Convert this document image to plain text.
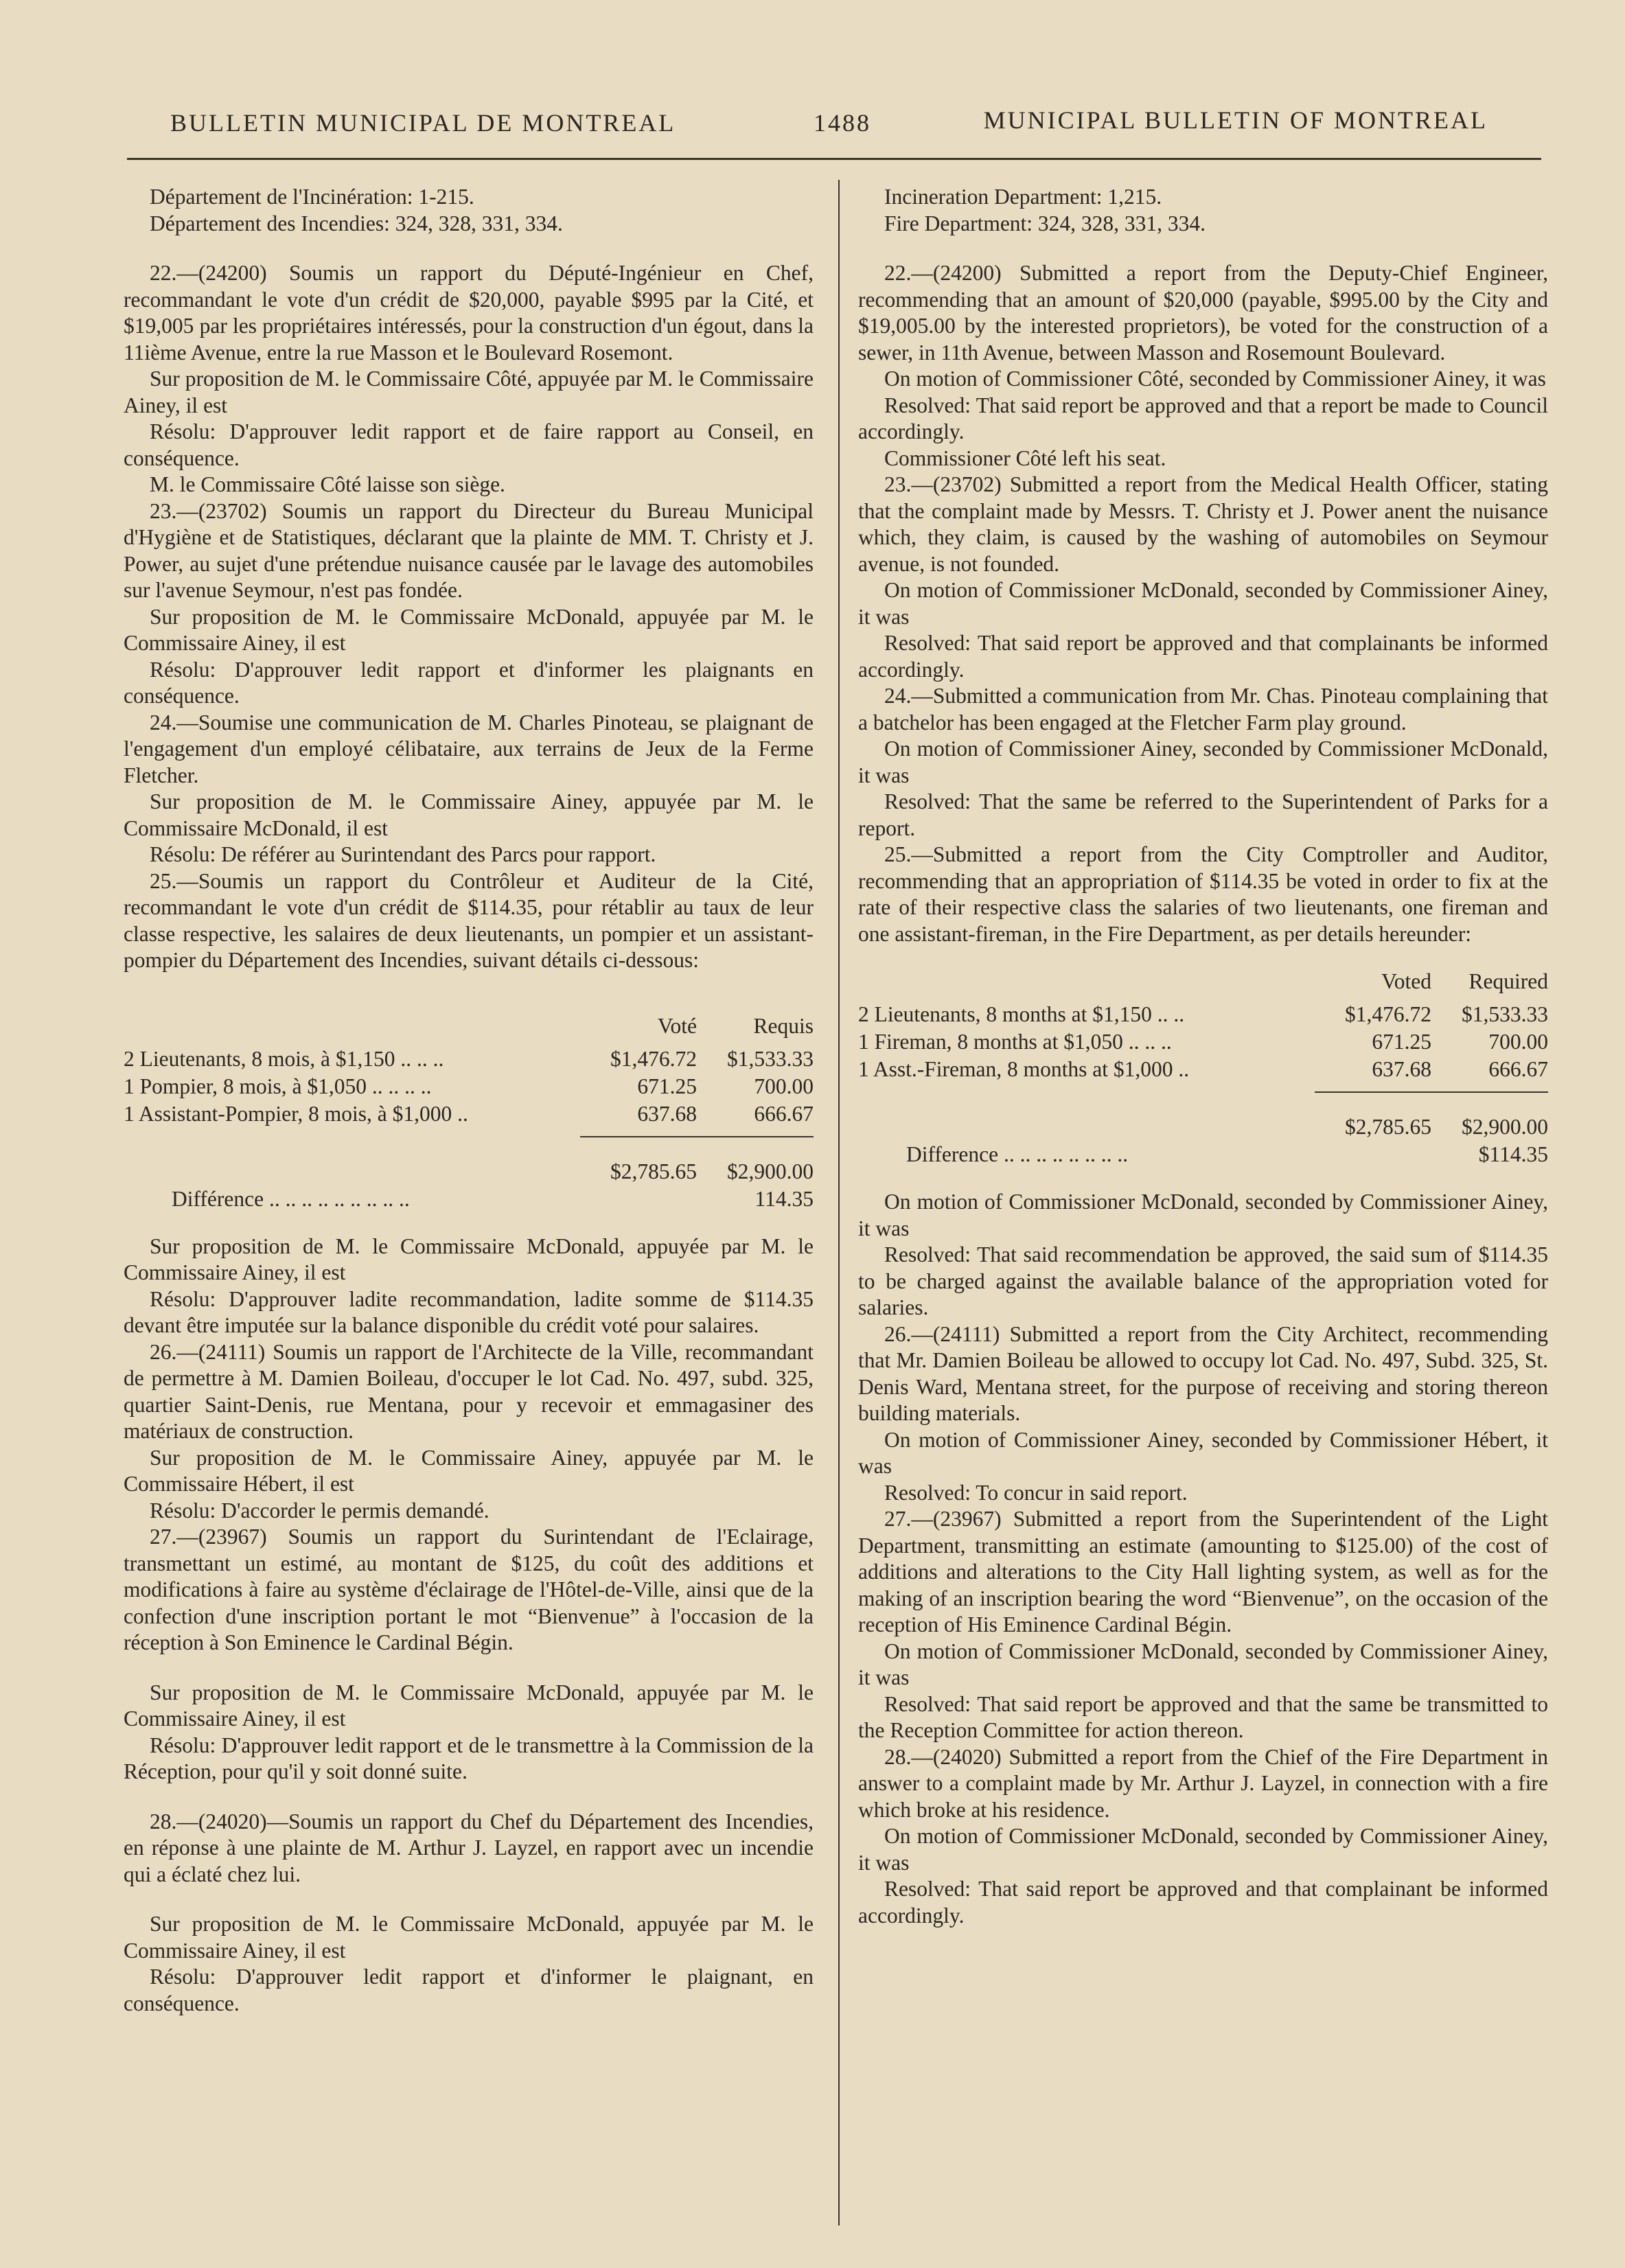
BULLETIN MUNICIPAL DE MONTREAL	1488	MUNICIPAL BULLETIN OF MONTREAL

Département de l'Incinération: 1-215.

Département des Incendies: 324, 328, 331, 334.

22.—(24200) Soumis un rapport du Député-Ingénieur en Chef, recommandant le vote d'un crédit de $20,000, payable $995 par la Cité, et $19,005 par les propriétaires intéressés, pour la construction d'un égout, dans la 11ième Avenue, entre la rue Masson et le Boulevard Rosemont.

Sur proposition de M. le Commissaire Côté, appuyée par M. le Commissaire Ainey, il est

Résolu: D'approuver ledit rapport et de faire rapport au Conseil, en conséquence.

M. le Commissaire Côté laisse son siège.

23.—(23702) Soumis un rapport du Directeur du Bureau Municipal d'Hygiène et de Statistiques, déclarant que la plainte de MM. T. Christy et J. Power, au sujet d'une prétendue nuisance causée par le lavage des automobiles sur l'avenue Seymour, n'est pas fondée.

Sur proposition de M. le Commissaire McDonald, appuyée par M. le Commissaire Ainey, il est

Résolu: D'approuver ledit rapport et d'informer les plaignants en conséquence.

24.—Soumise une communication de M. Charles Pinoteau, se plaignant de l'engagement d'un employé célibataire, aux terrains de Jeux de la Ferme Fletcher.

Sur proposition de M. le Commissaire Ainey, appuyée par M. le Commissaire McDonald, il est

Résolu: De référer au Surintendant des Parcs pour rapport.

25.—Soumis un rapport du Contrôleur et Auditeur de la Cité, recommandant le vote d'un crédit de $114.35, pour rétablir au taux de leur classe respective, les salaires de deux lieutenants, un pompier et un assistant-pompier du Département des Incendies, suivant détails ci-dessous:

	Voté	Requis
2 Lieutenants, 8 mois, à $1,150 .. .. ..	$1,476.72	$1,533.33
1 Pompier, 8 mois, à $1,050 .. .. .. ..	671.25	700.00
1 Assistant-Pompier, 8 mois, à $1,000 ..	637.68	666.67

	$2,785.65	$2,900.00
Différence .. .. .. .. .. .. .. .. ..		114.35

Sur proposition de M. le Commissaire McDonald, appuyée par M. le Commissaire Ainey, il est

Résolu: D'approuver ladite recommandation, ladite somme de $114.35 devant être imputée sur la balance disponible du crédit voté pour salaires.

26.—(24111) Soumis un rapport de l'Architecte de la Ville, recommandant de permettre à M. Damien Boileau, d'occuper le lot Cad. No. 497, subd. 325, quartier Saint-Denis, rue Mentana, pour y recevoir et emmagasiner des matériaux de construction.

Sur proposition de M. le Commissaire Ainey, appuyée par M. le Commissaire Hébert, il est

Résolu: D'accorder le permis demandé.

27.—(23967) Soumis un rapport du Surintendant de l'Eclairage, transmettant un estimé, au montant de $125, du coût des additions et modifications à faire au système d'éclairage de l'Hôtel-de-Ville, ainsi que de la confection d'une inscription portant le mot “Bienvenue” à l'occasion de la réception à Son Eminence le Cardinal Bégin.

Sur proposition de M. le Commissaire McDonald, appuyée par M. le Commissaire Ainey, il est

Résolu: D'approuver ledit rapport et de le transmettre à la Commission de la Réception, pour qu'il y soit donné suite.

28.—(24020)—Soumis un rapport du Chef du Département des Incendies, en réponse à une plainte de M. Arthur J. Layzel, en rapport avec un incendie qui a éclaté chez lui.

Sur proposition de M. le Commissaire McDonald, appuyée par M. le Commissaire Ainey, il est

Résolu: D'approuver ledit rapport et d'informer le plaignant, en conséquence.

Incineration Department: 1,215.

Fire Department: 324, 328, 331, 334.

22.—(24200) Submitted a report from the Deputy-Chief Engineer, recommending that an amount of $20,000 (payable, $995.00 by the City and $19,005.00 by the interested proprietors), be voted for the construction of a sewer, in 11th Avenue, between Masson and Rosemount Boulevard.

On motion of Commissioner Côté, seconded by Commissioner Ainey, it was

Resolved: That said report be approved and that a report be made to Council accordingly.

Commissioner Côté left his seat.

23.—(23702) Submitted a report from the Medical Health Officer, stating that the complaint made by Messrs. T. Christy et J. Power anent the nuisance which, they claim, is caused by the washing of automobiles on Seymour avenue, is not founded.

On motion of Commissioner McDonald, seconded by Commissioner Ainey, it was

Resolved: That said report be approved and that complainants be informed accordingly.

24.—Submitted a communication from Mr. Chas. Pinoteau complaining that a batchelor has been engaged at the Fletcher Farm play ground.

On motion of Commissioner Ainey, seconded by Commissioner McDonald, it was

Resolved: That the same be referred to the Superintendent of Parks for a report.

25.—Submitted a report from the City Comptroller and Auditor, recommending that an appropriation of $114.35 be voted in order to fix at the rate of their respective class the salaries of two lieutenants, one fireman and one assistant-fireman, in the Fire Department, as per details hereunder:

	Voted	Required
2 Lieutenants, 8 months at $1,150 .. ..	$1,476.72	$1,533.33
1 Fireman, 8 months at $1,050 .. .. ..	671.25	700.00
1 Asst.-Fireman, 8 months at $1,000 ..	637.68	666.67

	$2,785.65	$2,900.00
Difference .. .. .. .. .. .. .. ..		$114.35

On motion of Commissioner McDonald, seconded by Commissioner Ainey, it was

Resolved: That said recommendation be approved, the said sum of $114.35 to be charged against the available balance of the appropriation voted for salaries.

26.—(24111) Submitted a report from the City Architect, recommending that Mr. Damien Boileau be allowed to occupy lot Cad. No. 497, Subd. 325, St. Denis Ward, Mentana street, for the purpose of receiving and storing thereon building materials.

On motion of Commissioner Ainey, seconded by Commissioner Hébert, it was

Resolved: To concur in said report.

27.—(23967) Submitted a report from the Superintendent of the Light Department, transmitting an estimate (amounting to $125.00) of the cost of additions and alterations to the City Hall lighting system, as well as for the making of an inscription bearing the word “Bienvenue”, on the occasion of the reception of His Eminence Cardinal Bégin.

On motion of Commissioner McDonald, seconded by Commissioner Ainey, it was

Resolved: That said report be approved and that the same be transmitted to the Reception Committee for action thereon.

28.—(24020) Submitted a report from the Chief of the Fire Department in answer to a complaint made by Mr. Arthur J. Layzel, in connection with a fire which broke at his residence.

On motion of Commissioner McDonald, seconded by Commissioner Ainey, it was

Resolved: That said report be approved and that complainant be informed accordingly.
